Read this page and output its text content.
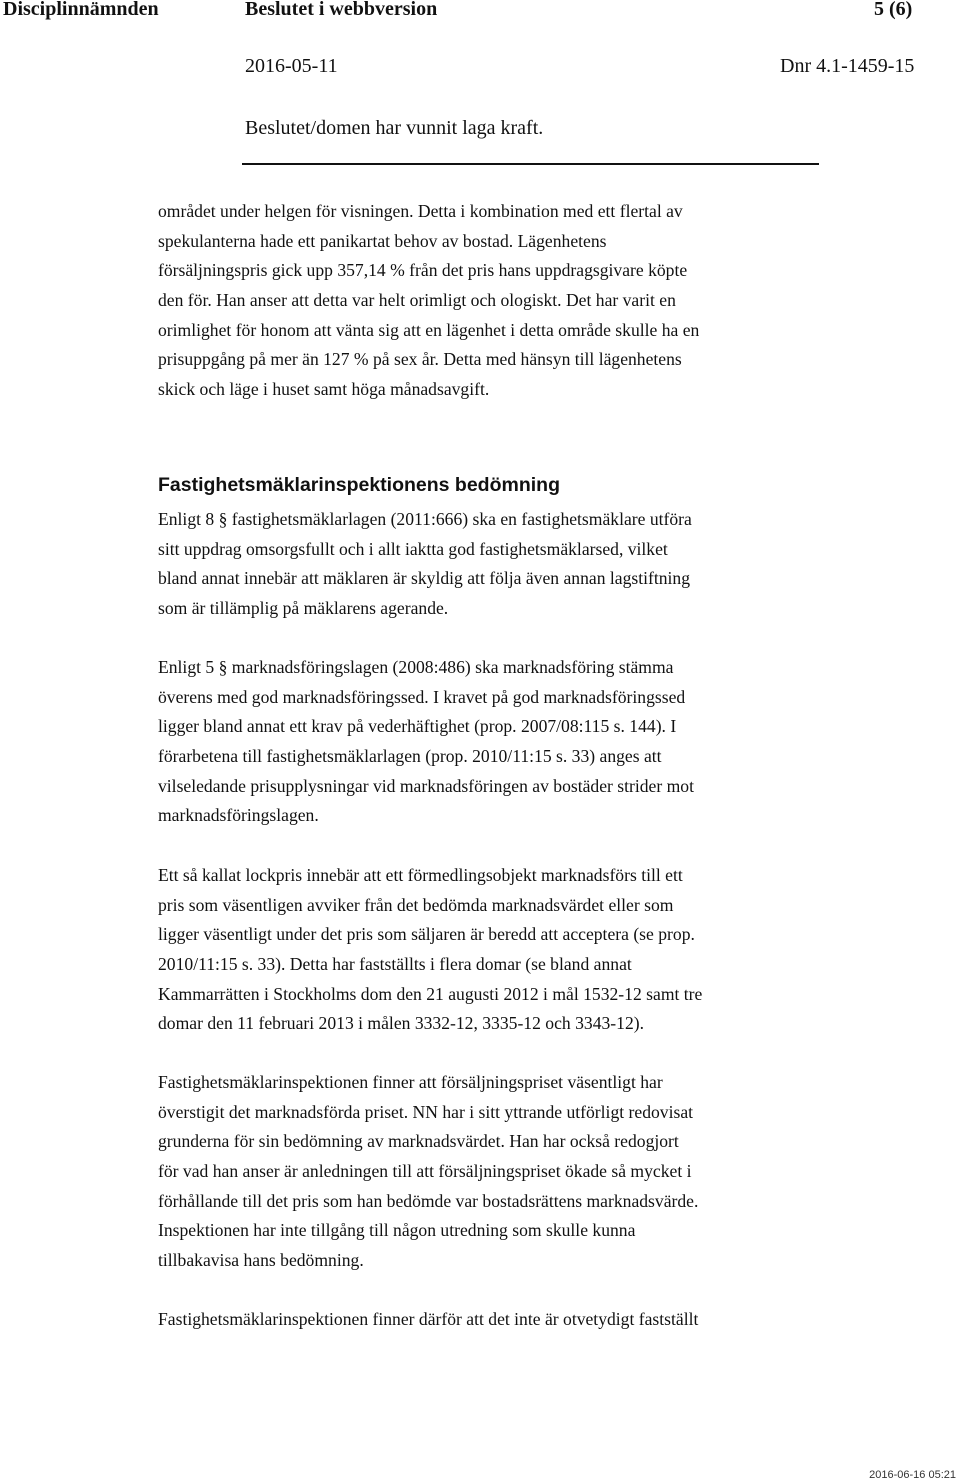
Disciplinnämnden	Beslutet i webbversion	5 (6)
2016-05-11	Dnr 4.1-1459-15
Beslutet/domen har vunnit laga kraft.
området under helgen för visningen. Detta i kombination med ett flertal av
spekulanterna hade ett panikartat behov av bostad. Lägenhetens
försäljningspris gick upp 357,14 % från det pris hans uppdragsgivare köpte
den för. Han anser att detta var helt orimligt och ologiskt. Det har varit en
orimlighet för honom att vänta sig att en lägenhet i detta område skulle ha en
prisuppgång på mer än 127 % på sex år. Detta med hänsyn till lägenhetens
skick och läge i huset samt höga månadsavgift.
Fastighetsmäklarinspektionens bedömning
Enligt 8 § fastighetsmäklarlagen (2011:666) ska en fastighetsmäklare utföra
sitt uppdrag omsorgsfullt och i allt iaktta god fastighetsmäklarsed, vilket
bland annat innebär att mäklaren är skyldig att följa även annan lagstiftning
som är tillämplig på mäklarens agerande.
Enligt 5 § marknadsföringslagen (2008:486) ska marknadsföring stämma
överens med god marknadsföringssed. I kravet på god marknadsföringssed
ligger bland annat ett krav på vederhäftighet (prop. 2007/08:115 s. 144). I
förarbetena till fastighetsmäklarlagen (prop. 2010/11:15 s. 33) anges att
vilseledande prisupplysningar vid marknadsföringen av bostäder strider mot
marknadsföringslagen.
Ett så kallat lockpris innebär att ett förmedlingsobjekt marknadsförs till ett
pris som väsentligen avviker från det bedömda marknadsvärdet eller som
ligger väsentligt under det pris som säljaren är beredd att acceptera (se prop.
2010/11:15 s. 33). Detta har fastställts i flera domar (se bland annat
Kammarrätten i Stockholms dom den 21 augusti 2012 i mål 1532-12 samt tre
domar den 11 februari 2013 i målen 3332-12, 3335-12 och 3343-12).
Fastighetsmäklarinspektionen finner att försäljningspriset väsentligt har
överstigit det marknadsförda priset. NN har i sitt yttrande utförligt redovisat
grunderna för sin bedömning av marknadsvärdet. Han har också redogjort
för vad han anser är anledningen till att försäljningspriset ökade så mycket i
förhållande till det pris som han bedömde var bostadsrättens marknadsvärde.
Inspektionen har inte tillgång till någon utredning som skulle kunna
tillbakavisa hans bedömning.
Fastighetsmäklarinspektionen finner därför att det inte är otvetydigt fastställt
2016-06-16 05:21
